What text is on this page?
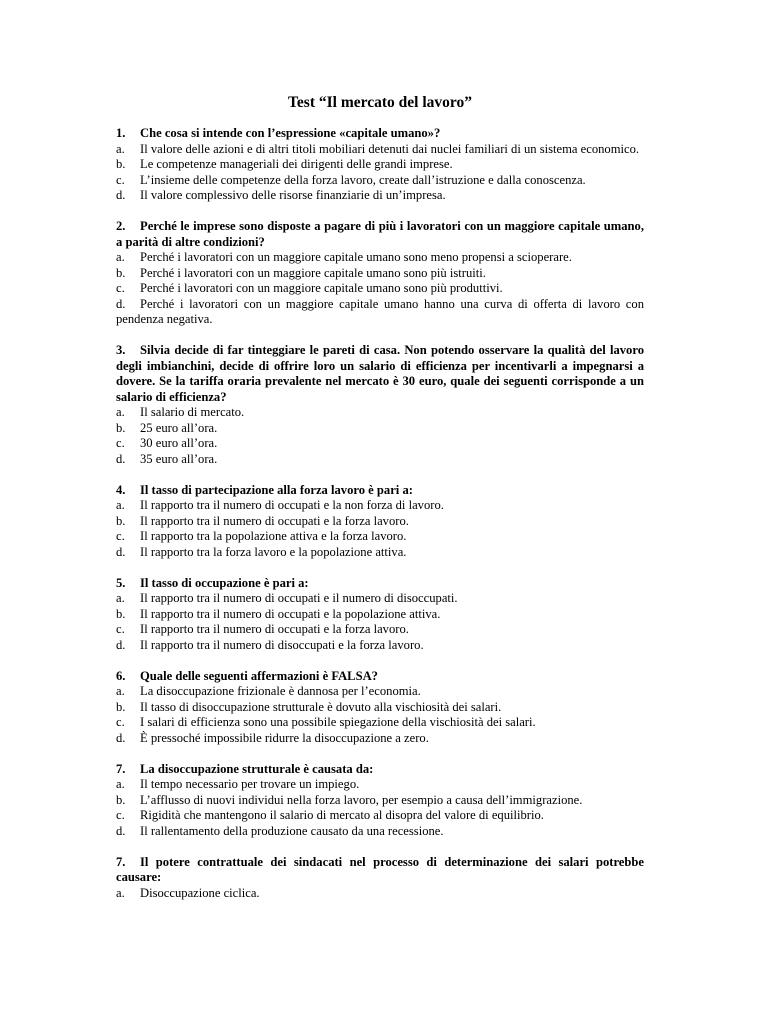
Test “Il mercato del lavoro”
1. Che cosa si intende con l’espressione «capitale umano»?
a. Il valore delle azioni e di altri titoli mobiliari detenuti dai nuclei familiari di un sistema economico.
b. Le competenze manageriali dei dirigenti delle grandi imprese.
c. L’insieme delle competenze della forza lavoro, create dall’istruzione e dalla conoscenza.
d. Il valore complessivo delle risorse finanziarie di un’impresa.
2. Perché le imprese sono disposte a pagare di più i lavoratori con un maggiore capitale umano, a parità di altre condizioni?
a. Perché i lavoratori con un maggiore capitale umano sono meno propensi a scioperare.
b. Perché i lavoratori con un maggiore capitale umano sono più istruiti.
c. Perché i lavoratori con un maggiore capitale umano sono più produttivi.
d. Perché i lavoratori con un maggiore capitale umano hanno una curva di offerta di lavoro con pendenza negativa.
3. Silvia decide di far tinteggiare le pareti di casa. Non potendo osservare la qualità del lavoro degli imbianchini, decide di offrire loro un salario di efficienza per incentivarli a impegnarsi a dovere. Se la tariffa oraria prevalente nel mercato è 30 euro, quale dei seguenti corrisponde a un salario di efficienza?
a. Il salario di mercato.
b. 25 euro all’ora.
c. 30 euro all’ora.
d. 35 euro all’ora.
4. Il tasso di partecipazione alla forza lavoro è pari a:
a. Il rapporto tra il numero di occupati e la non forza di lavoro.
b. Il rapporto tra il numero di occupati e la forza lavoro.
c. Il rapporto tra la popolazione attiva e la forza lavoro.
d. Il rapporto tra la forza lavoro e la popolazione attiva.
5. Il tasso di occupazione è pari a:
a. Il rapporto tra il numero di occupati e il numero di disoccupati.
b. Il rapporto tra il numero di occupati e la popolazione attiva.
c. Il rapporto tra il numero di occupati e la forza lavoro.
d. Il rapporto tra il numero di disoccupati e la forza lavoro.
6. Quale delle seguenti affermazioni è FALSA?
a. La disoccupazione frizionale è dannosa per l’economia.
b. Il tasso di disoccupazione strutturale è dovuto alla vischiosità dei salari.
c. I salari di efficienza sono una possibile spiegazione della vischiosità dei salari.
d. È pressoché impossibile ridurre la disoccupazione a zero.
7. La disoccupazione strutturale è causata da:
a. Il tempo necessario per trovare un impiego.
b. L’afflusso di nuovi individui nella forza lavoro, per esempio a causa dell’immigrazione.
c. Rigidità che mantengono il salario di mercato al disopra del valore di equilibrio.
d. Il rallentamento della produzione causato da una recessione.
7. Il potere contrattuale dei sindacati nel processo di determinazione dei salari potrebbe causare:
a. Disoccupazione ciclica.
